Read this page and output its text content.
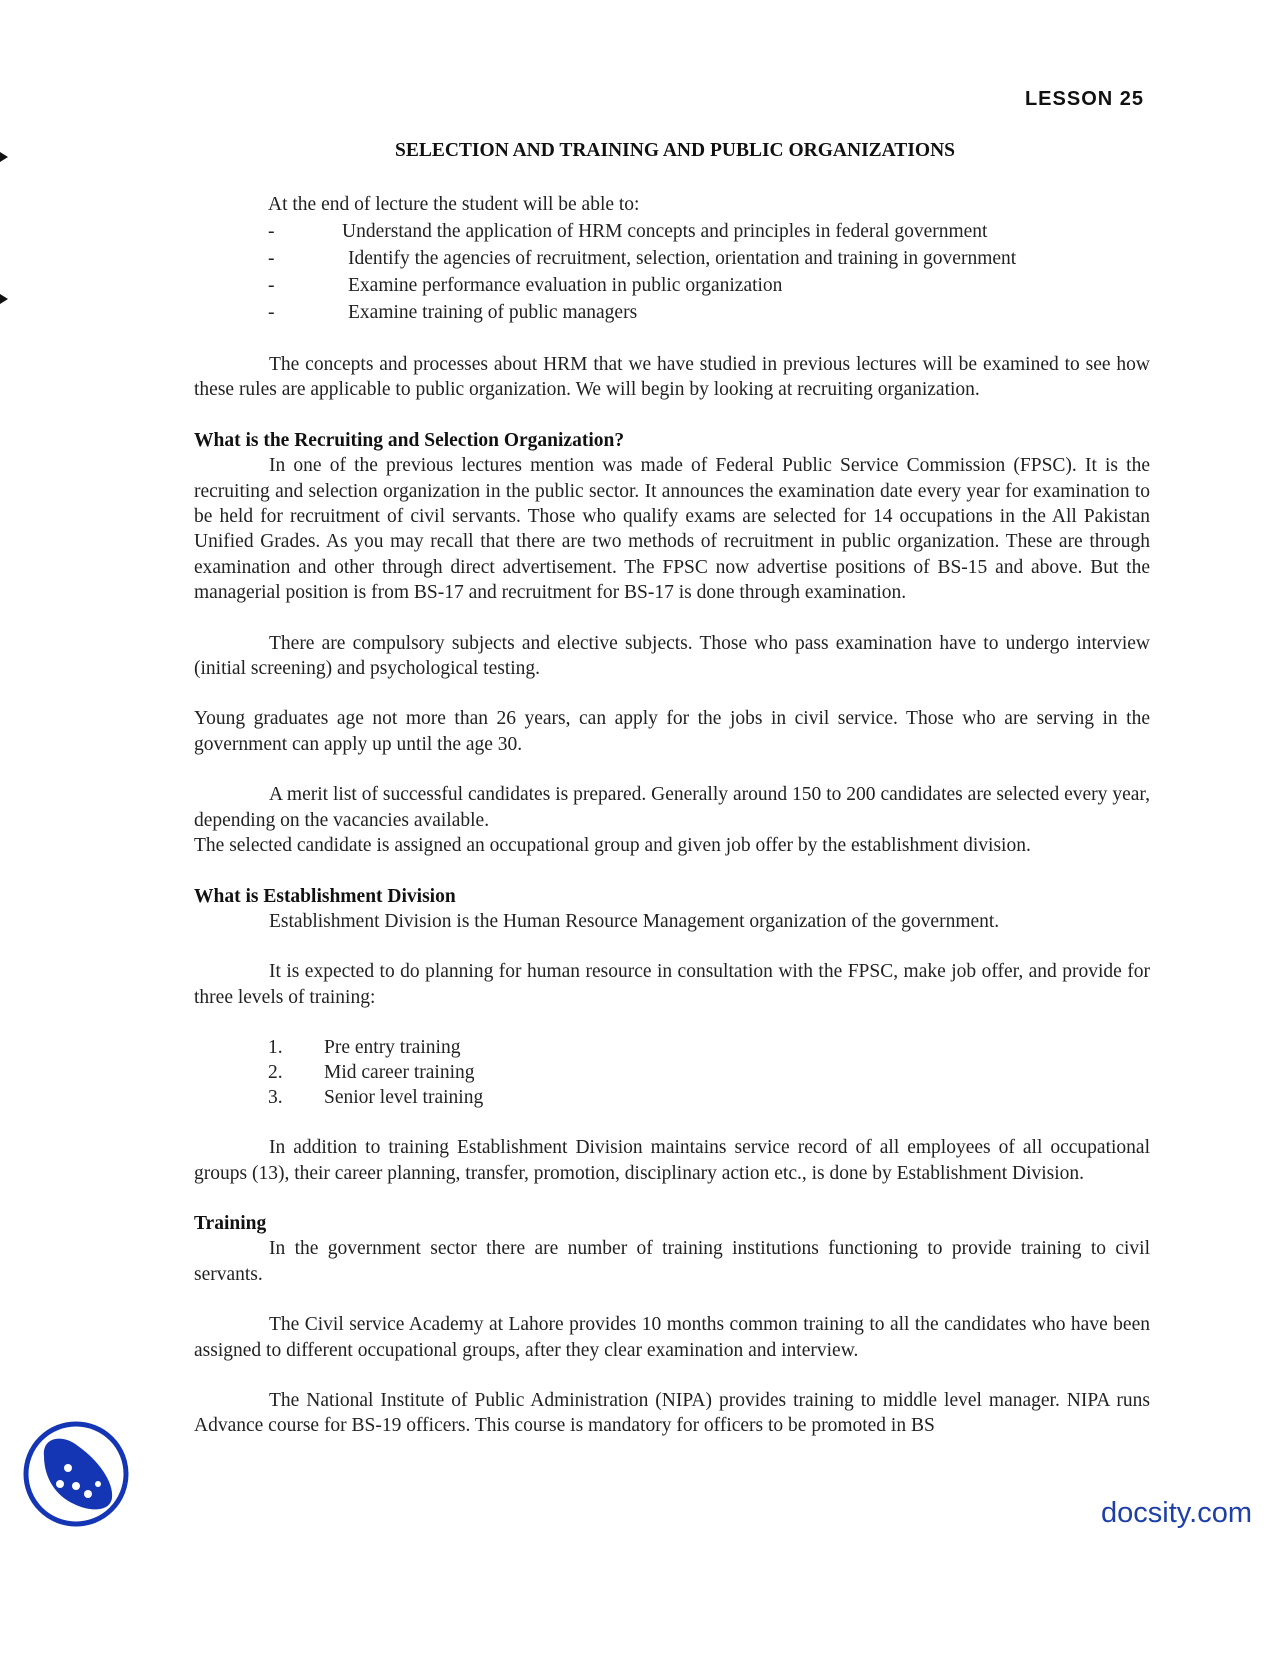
LESSON 25
SELECTION AND TRAINING AND PUBLIC ORGANIZATIONS
At the end of lecture the student will be able to:
-	Understand the application of HRM concepts and principles in federal government
-	Identify the agencies of recruitment, selection, orientation and training in government
-	Examine performance evaluation in public organization
-	Examine training of public managers

The concepts and processes about HRM that we have studied in previous lectures will be examined to see how these rules are applicable to public organization. We will begin by looking at recruiting organization.

What is the Recruiting and Selection Organization?

In one of the previous lectures mention was made of Federal Public Service Commission (FPSC). It is the recruiting and selection organization in the public sector. It announces the examination date every year for examination to be held for recruitment of civil servants. Those who qualify exams are selected for 14 occupations in the All Pakistan Unified Grades. As you may recall that there are two methods of recruitment in public organization. These are through examination and other through direct advertisement. The FPSC now advertise positions of BS-15 and above. But the managerial position is from BS-17 and recruitment for BS-17 is done through examination.

There are compulsory subjects and elective subjects. Those who pass examination have to undergo interview (initial screening) and psychological testing.

Young graduates age not more than 26 years, can apply for the jobs in civil service. Those who are serving in the government can apply up until the age 30.

A merit list of successful candidates is prepared. Generally around 150 to 200 candidates are selected every year, depending on the vacancies available.

The selected candidate is assigned an occupational group and given job offer by the establishment division.

What is Establishment Division

Establishment Division is the Human Resource Management organization of the government.

It is expected to do planning for human resource in consultation with the FPSC, make job offer, and provide for three levels of training:

1. Pre entry training
2. Mid career training
3. Senior level training

In addition to training Establishment Division maintains service record of all employees of all occupational groups (13), their career planning, transfer, promotion, disciplinary action etc., is done by Establishment Division.

Training

In the government sector there are number of training institutions functioning to provide training to civil servants.

The Civil service Academy at Lahore provides 10 months common training to all the candidates who have been assigned to different occupational groups, after they clear examination and interview.

The National Institute of Public Administration (NIPA) provides training to middle level manager. NIPA runs Advance course for BS-19 officers. This course is mandatory for officers to be promoted in BS

docsity.com
